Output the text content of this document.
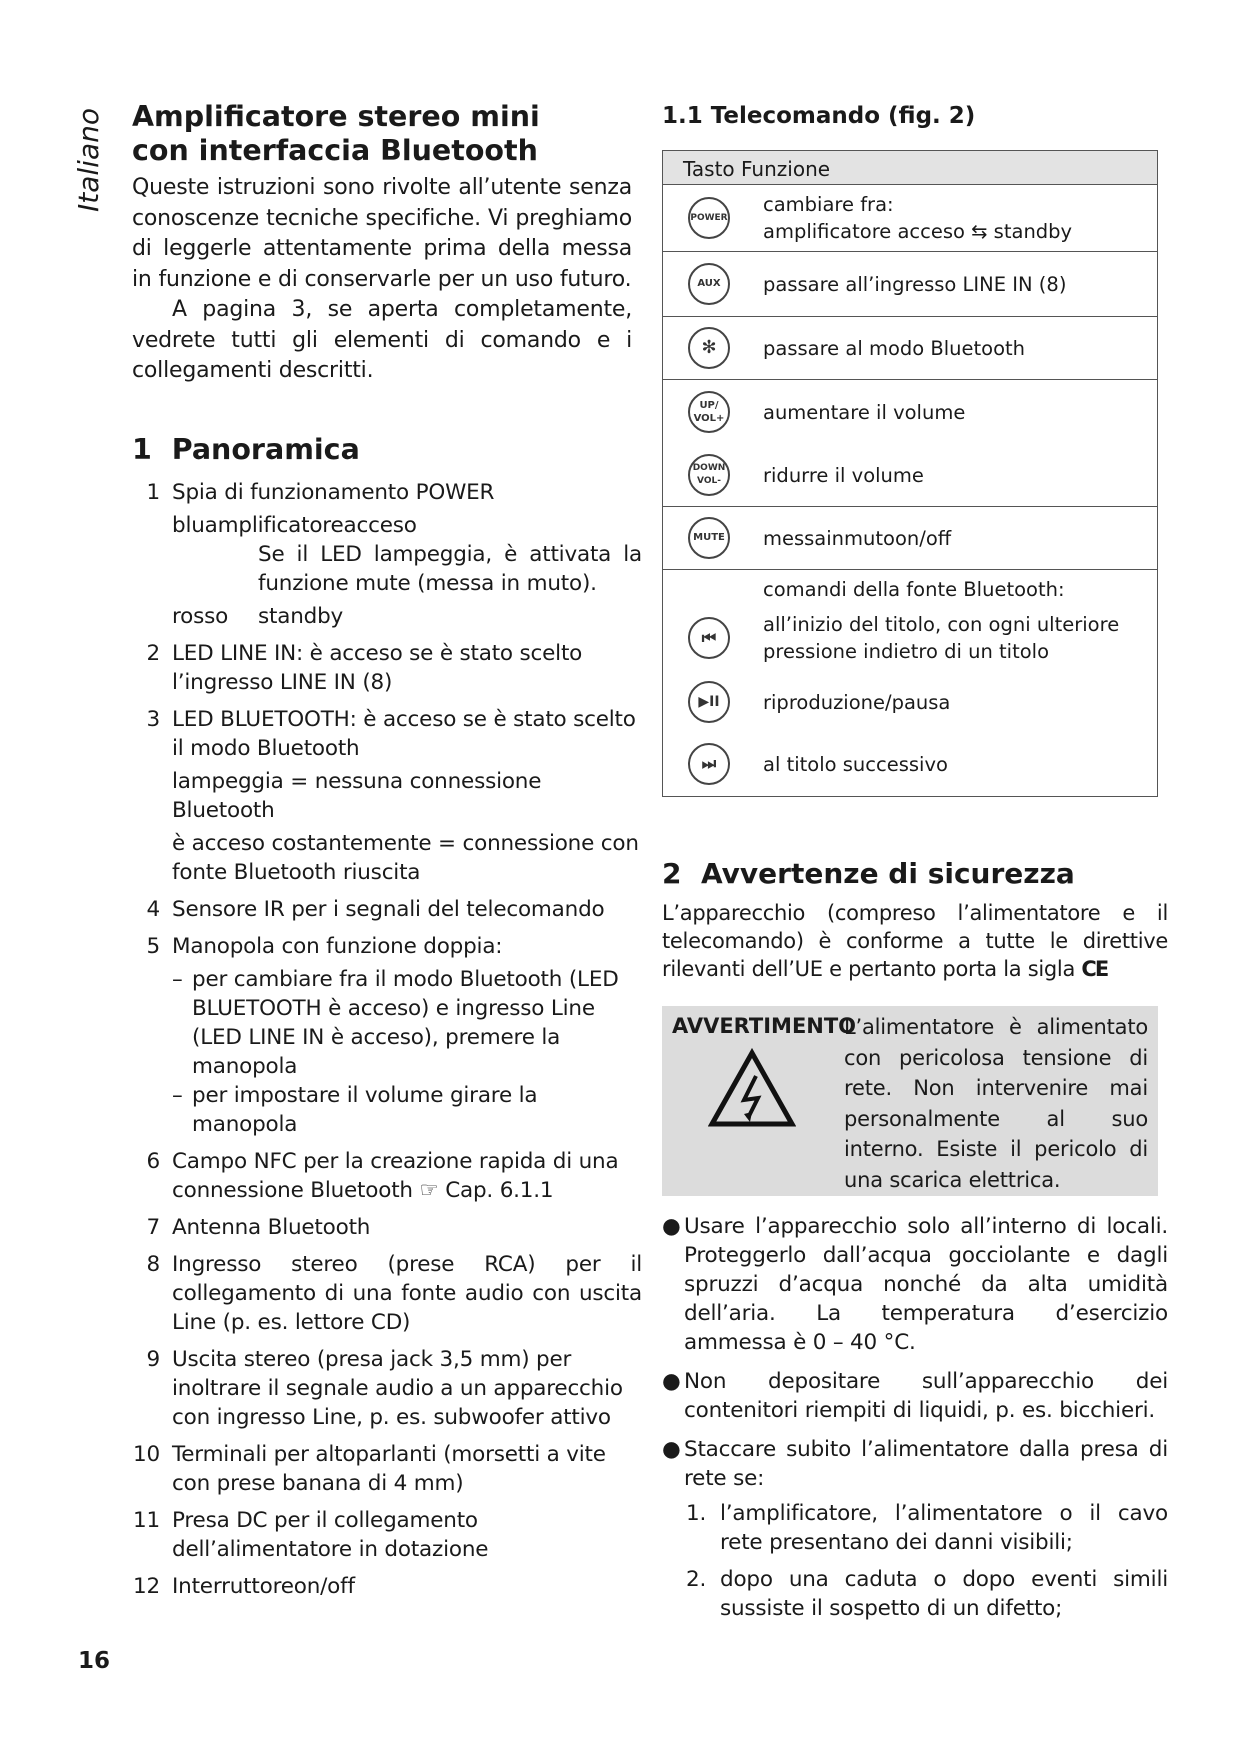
Italiano
16
Amplificatore stereo mini
con interfaccia Bluetooth

Queste istruzioni sono rivolte all’utente senza conoscenze tecniche specifiche. Vi preghiamo di leggerle attentamente prima della messa in funzione e di conservarle per un uso futuro.

A pagina 3, se aperta completamente, vedrete tutti gli elementi di comando e i collegamenti descritti.

1 Panoramica
1 Spia di funzionamento POWER
bluamplificatoreacceso
Se il LED lampeggia, è attivata la funzione mute (messa in muto).
rosso standby
2 LED LINE IN: è acceso se è stato scelto l’ingresso LINE IN (8)
3 LED BLUETOOTH: è acceso se è stato scelto il modo Bluetooth
lampeggia = nessuna connessione Bluetooth
è acceso costantemente = connessione con fonte Bluetooth riuscita
4 Sensore IR per i segnali del telecomando
5 Manopola con funzione doppia:
– per cambiare fra il modo Bluetooth (LED BLUETOOTH è acceso) e ingresso Line (LED LINE IN è acceso), premere la manopola
– per impostare il volume girare la manopola
6 Campo NFC per la creazione rapida di una connessione Bluetooth ☞ Cap. 6.1.1
7 Antenna Bluetooth
8 Ingresso stereo (prese RCA) per il collegamento di una fonte audio con uscita Line (p. es. lettore CD)
9 Uscita stereo (presa jack 3,5 mm) per inoltrare il segnale audio a un apparecchio con ingresso Line, p. es. subwoofer attivo
10 Terminali per altoparlanti (morsetti a vite con prese banana di 4 mm)
11 Presa DC per il collegamento dell’alimentatore in dotazione
12 Interruttoreon/off
1.1 Telecomando (fig. 2)
Tasto Funzione	
POWER	cambiare fra:
amplificatore acceso ⇆ standby

AUX	passare all’ingresso LINE IN (8)
✻	passare al modo Bluetooth
UP/
VOL+	aumentare il volume
DOWN
VOL-	ridurre il volume
MUTE	messainmutoon/off
	comandi della fonte Bluetooth:
⏮	all’inizio del titolo, con ogni ulteriore pressione indietro di un titolo
▶II	riproduzione/pausa
⏭	al titolo successivo
2 Avvertenze di sicurezza
L’apparecchio (compreso l’alimentatore e il telecomando) è conforme a tutte le direttive rilevanti dell’UE e pertanto porta la sigla CE
AVVERTIMENTO
L’alimentatore è alimentato con pericolosa tensione di rete. Non intervenire mai personalmente al suo interno. Esiste il pericolo di una scarica elettrica.
● Usare l’apparecchio solo all’interno di locali. Proteggerlo dall’acqua gocciolante e dagli spruzzi d’acqua nonché da alta umidità dell’aria. La temperatura d’esercizio ammessa è 0 – 40 °C.
● Non depositare sull’apparecchio dei contenitori riempiti di liquidi, p. es. bicchieri.
● Staccare subito l’alimentatore dalla presa di rete se:
1. l’amplificatore, l’alimentatore o il cavo rete presentano dei danni visibili;
2. dopo una caduta o dopo eventi simili sussiste il sospetto di un difetto;
